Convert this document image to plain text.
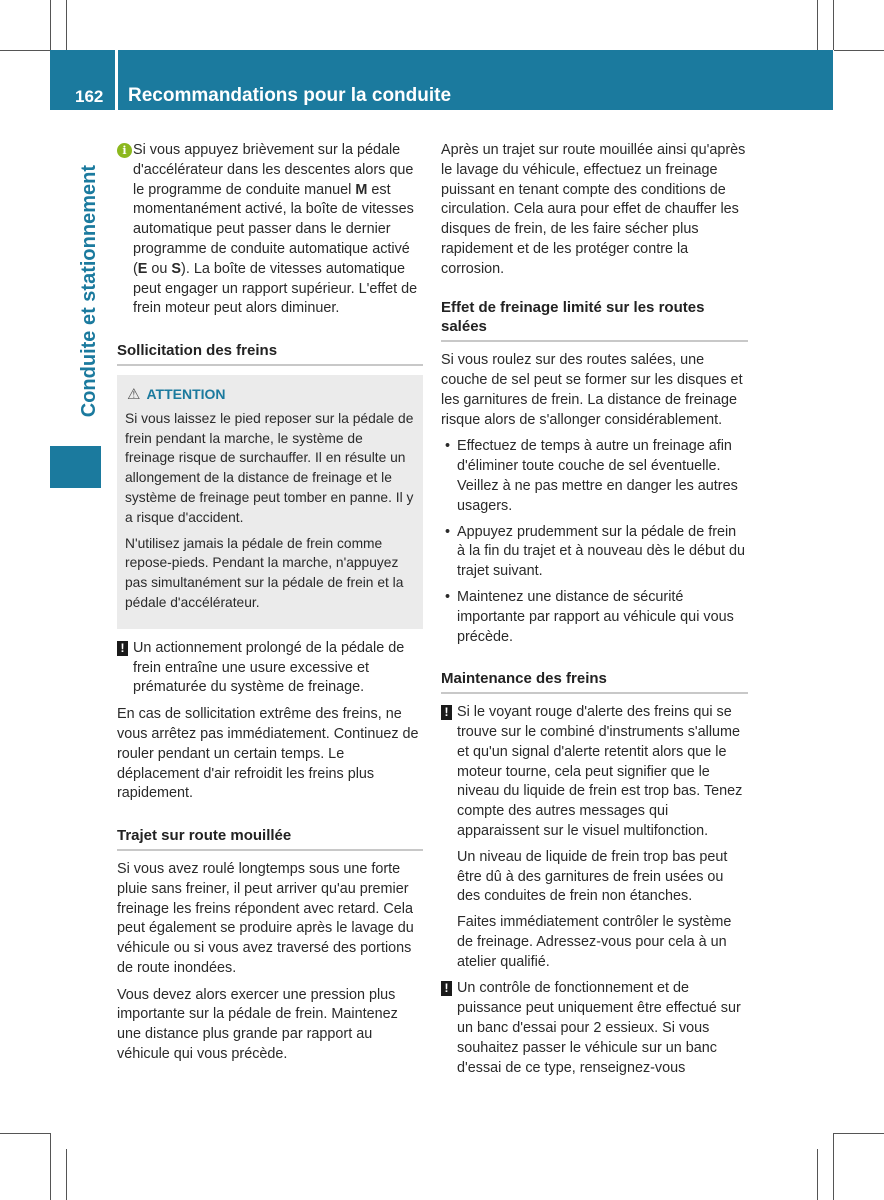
162 Recommandations pour la conduite
Conduite et stationnement
i Si vous appuyez brièvement sur la pédale d'accélérateur dans les descentes alors que le programme de conduite manuel M est momentanément activé, la boîte de vitesses automatique peut passer dans le dernier programme de conduite automatique activé (E ou S). La boîte de vitesses automatique peut engager un rapport supérieur. L'effet de frein moteur peut alors diminuer.

Sollicitation des freins
⚠ ATTENTION

Si vous laissez le pied reposer sur la pédale de frein pendant la marche, le système de freinage risque de surchauffer. Il en résulte un allongement de la distance de freinage et le système de freinage peut tomber en panne. Il y a risque d'accident.

N'utilisez jamais la pédale de frein comme repose-pieds. Pendant la marche, n'appuyez pas simultanément sur la pédale de frein et la pédale d'accélérateur.

! Un actionnement prolongé de la pédale de frein entraîne une usure excessive et prématurée du système de freinage.

En cas de sollicitation extrême des freins, ne vous arrêtez pas immédiatement. Continuez de rouler pendant un certain temps. Le déplacement d'air refroidit les freins plus rapidement.

Trajet sur route mouillée

Si vous avez roulé longtemps sous une forte pluie sans freiner, il peut arriver qu'au premier freinage les freins répondent avec retard. Cela peut également se produire après le lavage du véhicule ou si vous avez traversé des portions de route inondées.

Vous devez alors exercer une pression plus importante sur la pédale de frein. Maintenez une distance plus grande par rapport au véhicule qui vous précède.

Après un trajet sur route mouillée ainsi qu'après le lavage du véhicule, effectuez un freinage puissant en tenant compte des conditions de circulation. Cela aura pour effet de chauffer les disques de frein, de les faire sécher plus rapidement et de les protéger contre la corrosion.

Effet de freinage limité sur les routes salées

Si vous roulez sur des routes salées, une couche de sel peut se former sur les disques et les garnitures de frein. La distance de freinage risque alors de s'allonger considérablement.

• Effectuez de temps à autre un freinage afin d'éliminer toute couche de sel éventuelle. Veillez à ne pas mettre en danger les autres usagers.
• Appuyez prudemment sur la pédale de frein à la fin du trajet et à nouveau dès le début du trajet suivant.
• Maintenez une distance de sécurité importante par rapport au véhicule qui vous précède.
Maintenance des freins
! Si le voyant rouge d'alerte des freins qui se trouve sur le combiné d'instruments s'allume et qu'un signal d'alerte retentit alors que le moteur tourne, cela peut signifier que le niveau du liquide de frein est trop bas. Tenez compte des autres messages qui apparaissent sur le visuel multifonction.

Un niveau de liquide de frein trop bas peut être dû à des garnitures de frein usées ou des conduites de frein non étanches.

Faites immédiatement contrôler le système de freinage. Adressez-vous pour cela à un atelier qualifié.

! Un contrôle de fonctionnement et de puissance peut uniquement être effectué sur un banc d'essai pour 2 essieux. Si vous souhaitez passer le véhicule sur un banc d'essai de ce type, renseignez-vous
